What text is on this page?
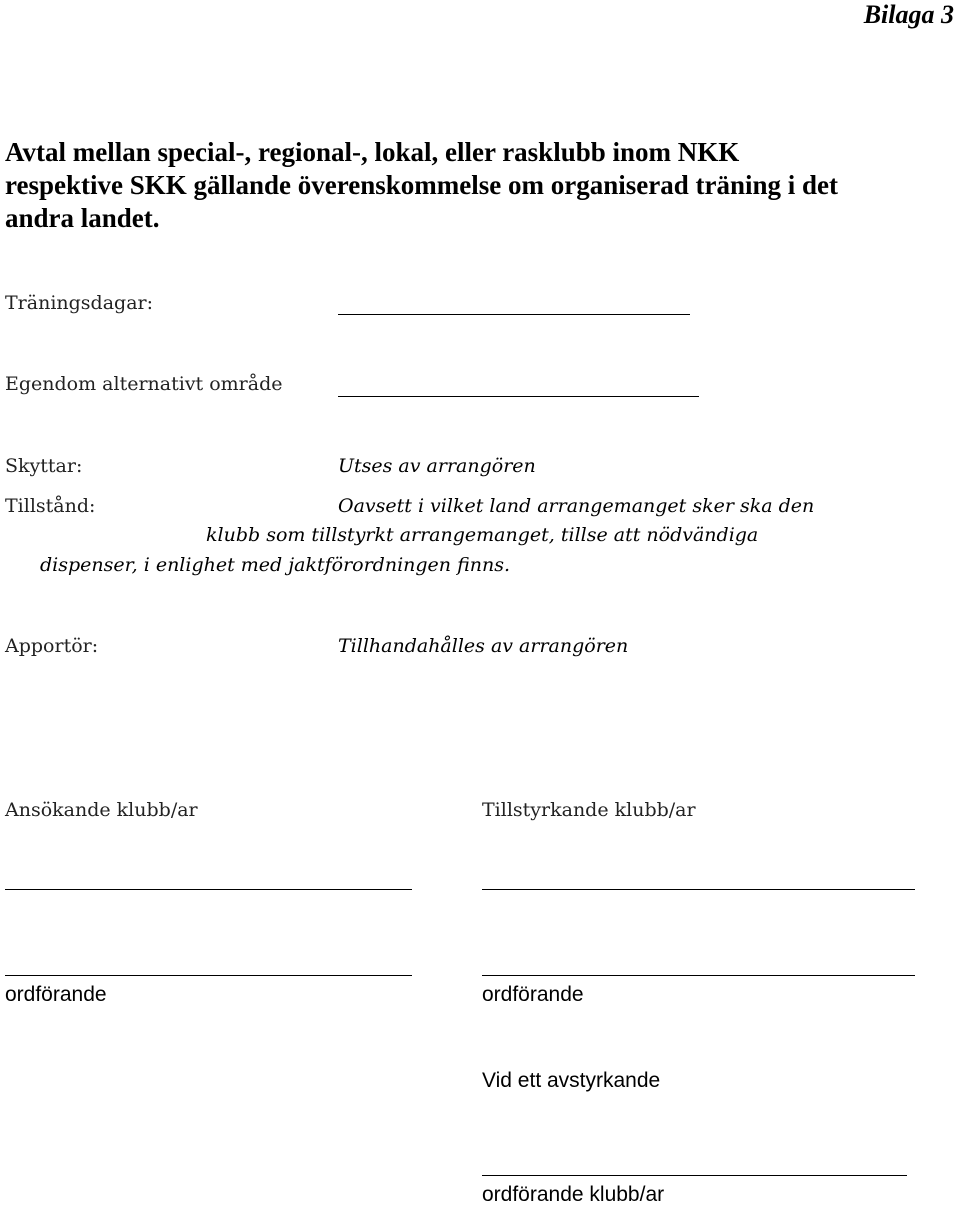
Bilaga 3
Avtal mellan special-, regional-, lokal, eller rasklubb inom NKK
respektive SKK gällande överenskommelse om organiserad träning i det
andra landet.
Träningsdagar:
Egendom alternativt område
Skyttar:	Utses av arrangören
Tillstånd:	Oavsett i vilket land arrangemanget sker ska den
klubb som tillstyrkt arrangemanget, tillse att nödvändiga
dispenser, i enlighet med jaktförordningen finns.
Apportör:	Tillhandahålles av arrangören
Ansökande klubb/ar	Tillstyrkande klubb/ar
ordförande	ordförande
Vid ett avstyrkande
ordförande klubb/ar
